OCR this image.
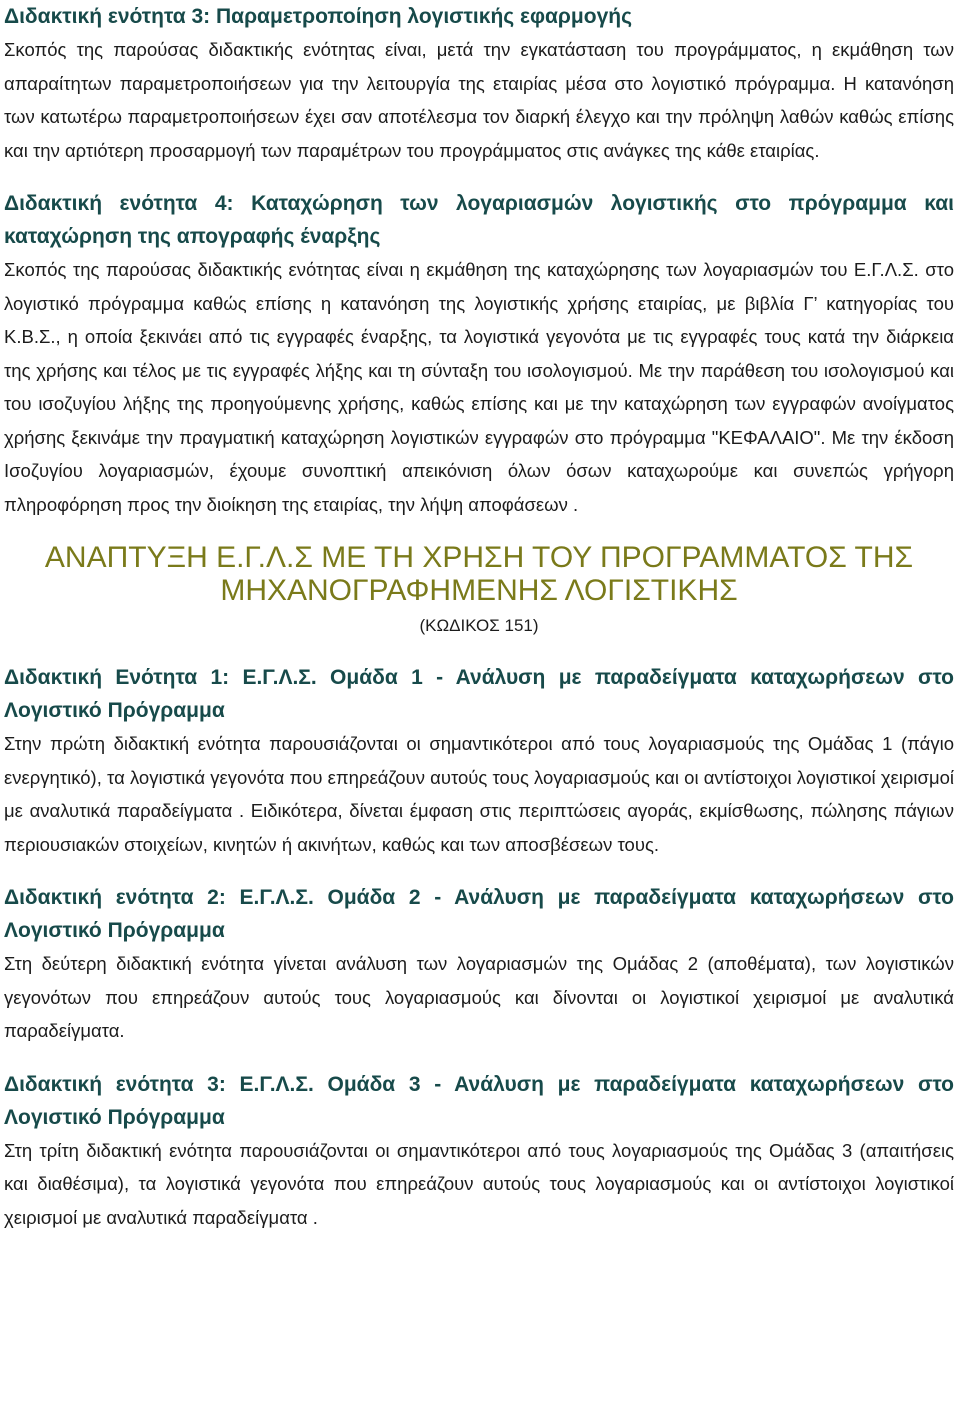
Διδακτική ενότητα 3: Παραμετροποίηση λογιστικής εφαρμογής

Σκοπός της παρούσας διδακτικής ενότητας είναι, μετά την εγκατάσταση του προγράμματος, η εκμάθηση των απαραίτητων παραμετροποιήσεων για την λειτουργία της εταιρίας μέσα στο λογιστικό πρόγραμμα. Η κατανόηση των κατωτέρω παραμετροποιήσεων έχει σαν αποτέλεσμα τον διαρκή έλεγχο και την πρόληψη λαθών καθώς επίσης και την αρτιότερη προσαρμογή των παραμέτρων του προγράμματος στις ανάγκες της κάθε εταιρίας.

Διδακτική ενότητα 4: Καταχώρηση των λογαριασμών λογιστικής στο πρόγραμμα και καταχώρηση της απογραφής έναρξης

Σκοπός της παρούσας διδακτικής ενότητας είναι η εκμάθηση της καταχώρησης των λογαριασμών του Ε.Γ.Λ.Σ. στο λογιστικό πρόγραμμα καθώς επίσης η κατανόηση της λογιστικής χρήσης εταιρίας, με βιβλία Γ’ κατηγορίας του Κ.Β.Σ., η οποία ξεκινάει από τις εγγραφές έναρξης, τα λογιστικά γεγονότα με τις εγγραφές τους κατά την διάρκεια της χρήσης και τέλος με τις εγγραφές λήξης και τη σύνταξη του ισολογισμού. Με την παράθεση του ισολογισμού και του ισοζυγίου λήξης της προηγούμενης χρήσης, καθώς επίσης και με την καταχώρηση των εγγραφών ανοίγματος χρήσης ξεκινάμε την πραγματική καταχώρηση λογιστικών εγγραφών στο πρόγραμμα "ΚΕΦΑΛΑΙΟ". Με την έκδοση Ισοζυγίου λογαριασμών, έχουμε συνοπτική απεικόνιση όλων όσων καταχωρούμε και συνεπώς γρήγορη πληροφόρηση προς την διοίκηση της εταιρίας, την λήψη αποφάσεων .

ΑΝΑΠΤΥΞΗ Ε.Γ.Λ.Σ ΜΕ ΤΗ ΧΡΗΣΗ ΤΟΥ ΠΡΟΓΡΑΜΜΑΤΟΣ ΤΗΣ
ΜΗΧΑΝΟΓΡΑΦΗΜΕΝΗΣ ΛΟΓΙΣΤΙΚΗΣ
(ΚΩΔΙΚΟΣ 151)
Διδακτική Ενότητα 1: Ε.Γ.Λ.Σ. Ομάδα 1 - Ανάλυση με παραδείγματα καταχωρήσεων στο Λογιστικό Πρόγραμμα

Στην πρώτη διδακτική ενότητα παρουσιάζονται οι σημαντικότεροι από τους λογαριασμούς της Ομάδας 1 (πάγιο ενεργητικό), τα λογιστικά γεγονότα που επηρεάζουν αυτούς τους λογαριασμούς και οι αντίστοιχοι λογιστικοί χειρισμοί με αναλυτικά παραδείγματα . Ειδικότερα, δίνεται έμφαση στις περιπτώσεις αγοράς, εκμίσθωσης, πώλησης πάγιων περιουσιακών στοιχείων, κινητών ή ακινήτων, καθώς και των αποσβέσεων τους.

Διδακτική ενότητα 2: Ε.Γ.Λ.Σ. Ομάδα 2 - Ανάλυση με παραδείγματα καταχωρήσεων στο Λογιστικό Πρόγραμμα

Στη δεύτερη διδακτική ενότητα γίνεται ανάλυση των λογαριασμών της Ομάδας 2 (αποθέματα), των λογιστικών γεγονότων που επηρεάζουν αυτούς τους λογαριασμούς και δίνονται οι λογιστικοί χειρισμοί με αναλυτικά παραδείγματα.

Διδακτική ενότητα 3: Ε.Γ.Λ.Σ. Ομάδα 3 - Ανάλυση με παραδείγματα καταχωρήσεων στο Λογιστικό Πρόγραμμα

Στη τρίτη διδακτική ενότητα παρουσιάζονται οι σημαντικότεροι από τους λογαριασμούς της Ομάδας 3 (απαιτήσεις και διαθέσιμα), τα λογιστικά γεγονότα που επηρεάζουν αυτούς τους λογαριασμούς και οι αντίστοιχοι λογιστικοί χειρισμοί με αναλυτικά παραδείγματα .
